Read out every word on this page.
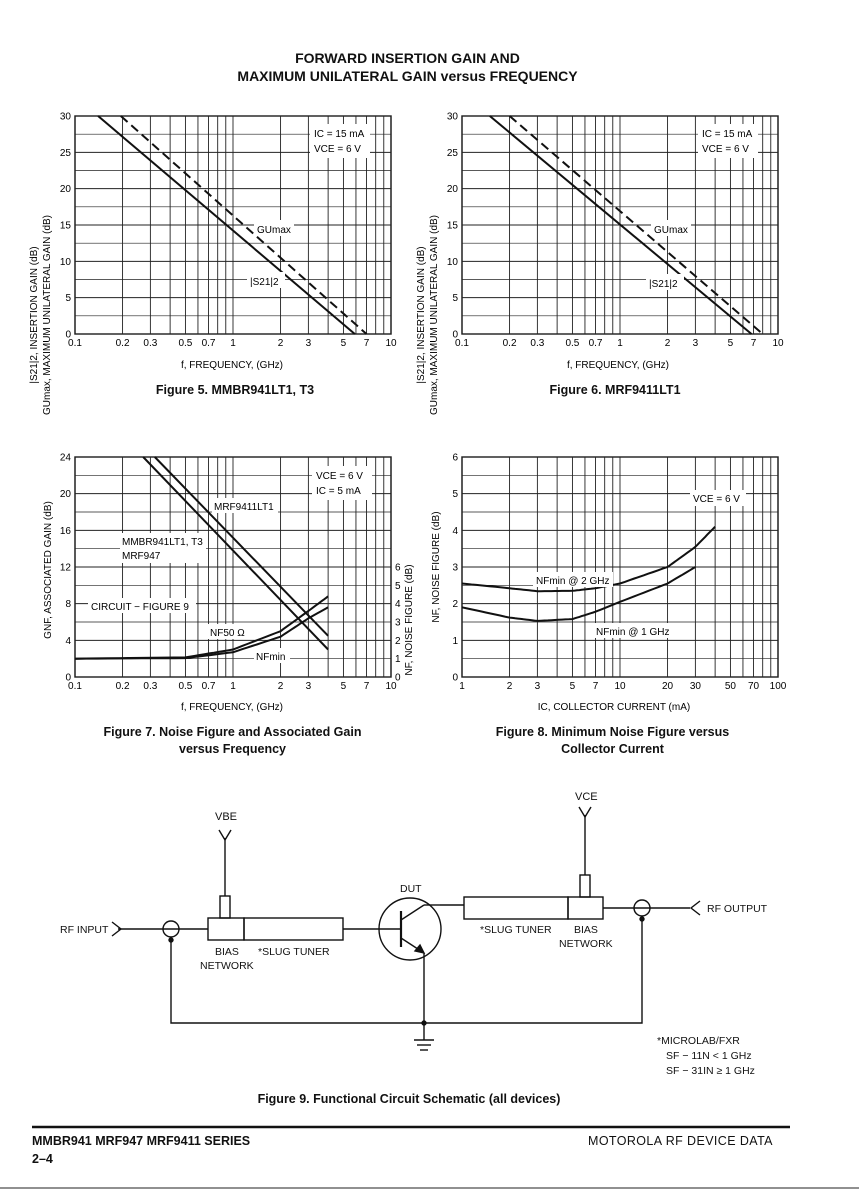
FORWARD INSERTION GAIN AND
MAXIMUM UNILATERAL GAIN versus FREQUENCY
0
5
10
15
20
25
30
0.1	0.2 0.3 0.5 0.7 1	2 3	5 7 10
|S21|2, INSERTION GAIN (dB) GUmax, MAXIMUM UNILATERAL GAIN (dB)	f, FREQUENCY, (GHz)
IC = 15 mA
VCE = 6 V
GUmax
|S21|2
0
5
10
15
20
25
30
0.1	0.2 0.3 0.5 0.7 1	2 3	5 7 10
|S21|2, INSERTION GAIN (dB) GUmax, MAXIMUM UNILATERAL GAIN (dB)	f, FREQUENCY, (GHz)
IC = 15 mA
VCE = 6 V
GUmax
|S21|2
0
4
8
12
16
20
24
0
1
2
3
4
5
6
0.1	0.2 0.3 0.5 0.7 1	2 3	5 7 10
GNF, ASSOCIATED GAIN (dB)	NF, NOISE FIGURE (dB)
f, FREQUENCY, (GHz)
VCE = 6 V
IC = 5 mA
MRF9411LT1
MMBR941LT1, T3
MRF947
CIRCUIT − FIGURE 9
NF50 Ω
NFmin
0
1
2
3
4
5
6
1	2 3	5 7 10	20 30 50 70 100
NF, NOISE FIGURE (dB)
IC, COLLECTOR CURRENT (mA)
VCE = 6 V
NFmin @ 2 GHz
NFmin @ 1 GHz
VBE
VCE
DUT
RF INPUT
RF OUTPUT
BIAS
NETWORK
*SLUG TUNER
*SLUG TUNER BIAS
NETWORK
*MICROLAB/FXR
SF − 11N < 1 GHz
SF − 31IN ≥ 1 GHz
Figure 5. MMBR941LT1, T3	Figure 6. MRF9411LT1
Figure 7. Noise Figure and Associated Gain
versus Frequency
Figure 8. Minimum Noise Figure versus
Collector Current
Figure 9. Functional Circuit Schematic (all devices)
MMBR941 MRF947 MRF9411 SERIES
2–4
MOTOROLA RF DEVICE DATA
